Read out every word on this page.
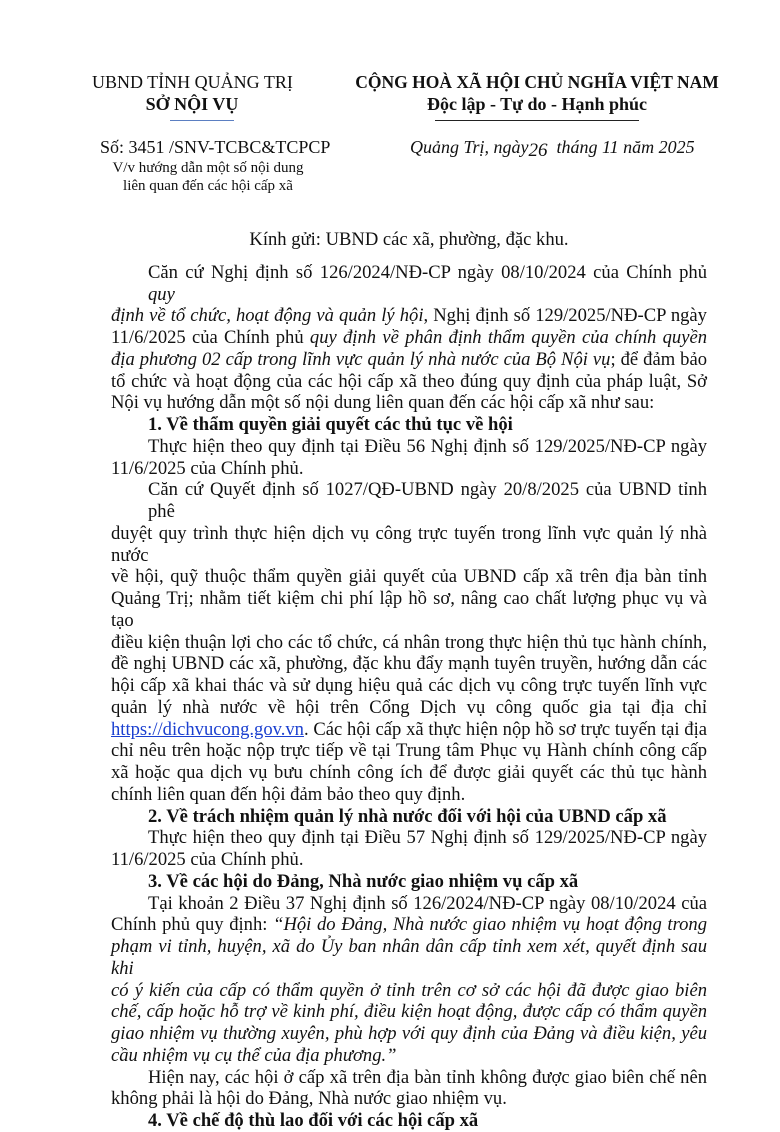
UBND TỈNH QUẢNG TRỊ
SỞ NỘI VỤ
CỘNG HOÀ XÃ HỘI CHỦ NGHĨA VIỆT NAM
Độc lập - Tự do - Hạnh phúc
Số: 3451 /SNV-TCBC&TCPCP
V/v hướng dẫn một số nội dung
liên quan đến các hội cấp xã
Quảng Trị, ngày26  tháng 11 năm 2025

Kính gửi: UBND các xã, phường, đặc khu.

Căn cứ Nghị định số 126/2024/NĐ-CP ngày 08/10/2024 của Chính phủ quy
định về tổ chức, hoạt động và quản lý hội, Nghị định số 129/2025/NĐ-CP ngày
11/6/2025 của Chính phủ quy định về phân định thẩm quyền của chính quyền
địa phương 02 cấp trong lĩnh vực quản lý nhà nước của Bộ Nội vụ; để đảm bảo
tổ chức và hoạt động của các hội cấp xã theo đúng quy định của pháp luật, Sở
Nội vụ hướng dẫn một số nội dung liên quan đến các hội cấp xã như sau:
1. Về thẩm quyền giải quyết các thủ tục về hội
Thực hiện theo quy định tại Điều 56 Nghị định số 129/2025/NĐ-CP ngày
11/6/2025 của Chính phủ.
Căn cứ Quyết định số 1027/QĐ-UBND ngày 20/8/2025 của UBND tỉnh phê
duyệt quy trình thực hiện dịch vụ công trực tuyến trong lĩnh vực quản lý nhà nước
về hội, quỹ thuộc thẩm quyền giải quyết của UBND cấp xã trên địa bàn tỉnh
Quảng Trị; nhằm tiết kiệm chi phí lập hồ sơ, nâng cao chất lượng phục vụ và tạo
điều kiện thuận lợi cho các tổ chức, cá nhân trong thực hiện thủ tục hành chính,
đề nghị UBND các xã, phường, đặc khu đẩy mạnh tuyên truyền, hướng dẫn các
hội cấp xã khai thác và sử dụng hiệu quả các dịch vụ công trực tuyến lĩnh vực
quản lý nhà nước về hội trên Cổng Dịch vụ công quốc gia tại địa chỉ
https://dichvucong.gov.vn. Các hội cấp xã thực hiện nộp hồ sơ trực tuyến tại địa
chỉ nêu trên hoặc nộp trực tiếp về tại Trung tâm Phục vụ Hành chính công cấp
xã hoặc qua dịch vụ bưu chính công ích để được giải quyết các thủ tục hành
chính liên quan đến hội đảm bảo theo quy định.
2. Về trách nhiệm quản lý nhà nước đối với hội của UBND cấp xã
Thực hiện theo quy định tại Điều 57 Nghị định số 129/2025/NĐ-CP ngày
11/6/2025 của Chính phủ.
3. Về các hội do Đảng, Nhà nước giao nhiệm vụ cấp xã
Tại khoản 2 Điều 37 Nghị định số 126/2024/NĐ-CP ngày 08/10/2024 của
Chính phủ quy định: “Hội do Đảng, Nhà nước giao nhiệm vụ hoạt động trong
phạm vi tỉnh, huyện, xã do Ủy ban nhân dân cấp tỉnh xem xét, quyết định sau khi
có ý kiến của cấp có thẩm quyền ở tỉnh trên cơ sở các hội đã được giao biên
chế, cấp hoặc hỗ trợ về kinh phí, điều kiện hoạt động, được cấp có thẩm quyền
giao nhiệm vụ thường xuyên, phù hợp với quy định của Đảng và điều kiện, yêu
cầu nhiệm vụ cụ thể của địa phương.”
Hiện nay, các hội ở cấp xã trên địa bàn tỉnh không được giao biên chế nên
không phải là hội do Đảng, Nhà nước giao nhiệm vụ.
4. Về chế độ thù lao đối với các hội cấp xã
